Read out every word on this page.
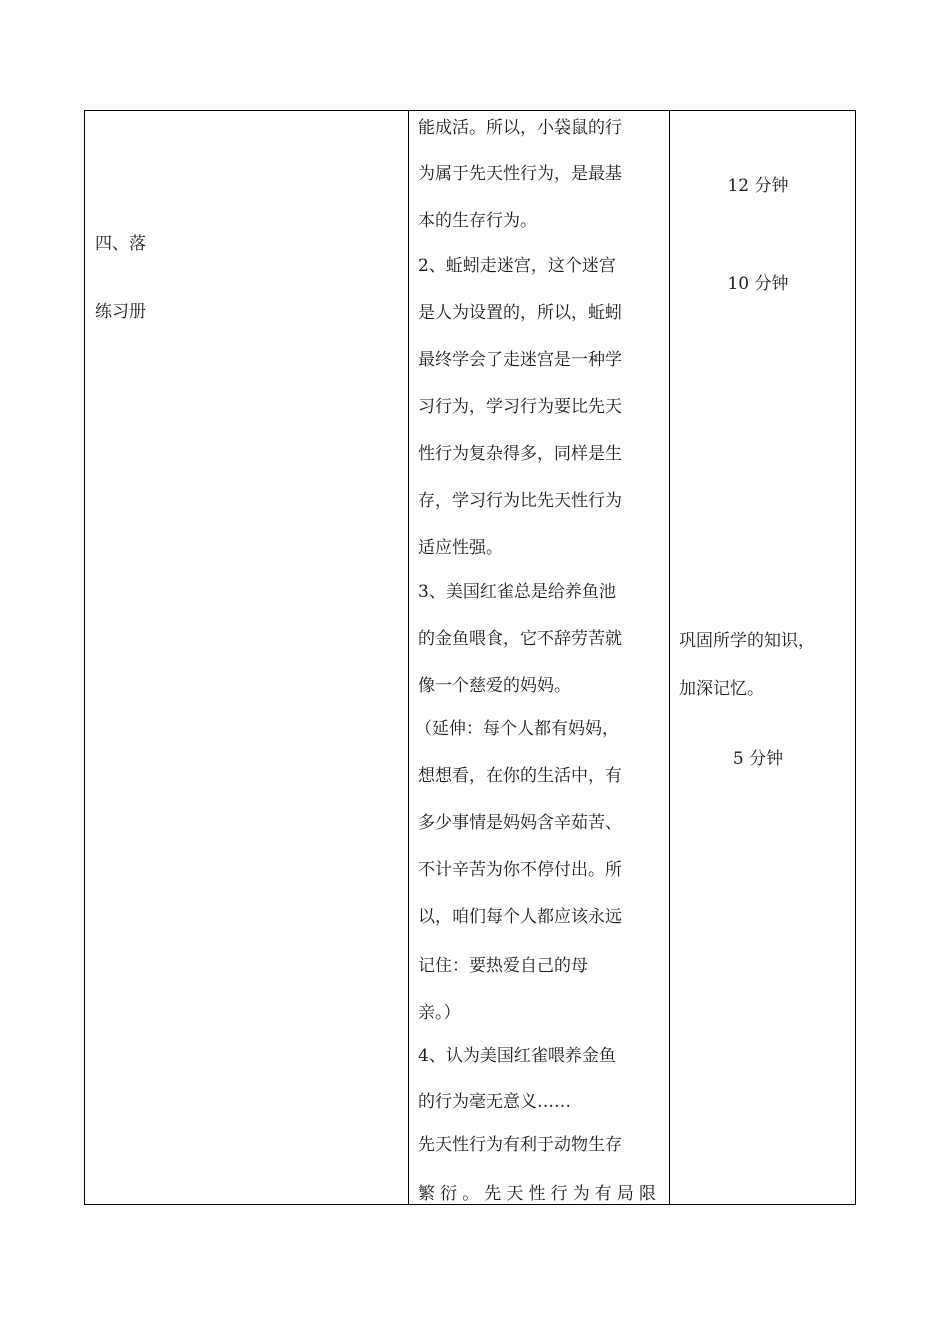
四、落
练习册
能成活。所以，小袋鼠的行
为属于先天性行为，是最基
本的生存行为。
2、蚯蚓走迷宫，这个迷宫
是人为设置的，所以，蚯蚓
最终学会了走迷宫是一种学
习行为，学习行为要比先天
性行为复杂得多，同样是生
存，学习行为比先天性行为
适应性强。
3、美国红雀总是给养鱼池
的金鱼喂食，它不辞劳苦就
像一个慈爱的妈妈。
（延伸：每个人都有妈妈，
想想看，在你的生活中，有
多少事情是妈妈含辛茹苦、
不计辛苦为你不停付出。所
以，咱们每个人都应该永远
记住：要热爱自己的母
亲。）
4、认为美国红雀喂养金鱼
的行为毫无意义……
先天性行为有利于动物生存
繁衍。先天性行为有局限
12 分钟
10 分钟
巩固所学的知识，
加深记忆。
5 分钟
